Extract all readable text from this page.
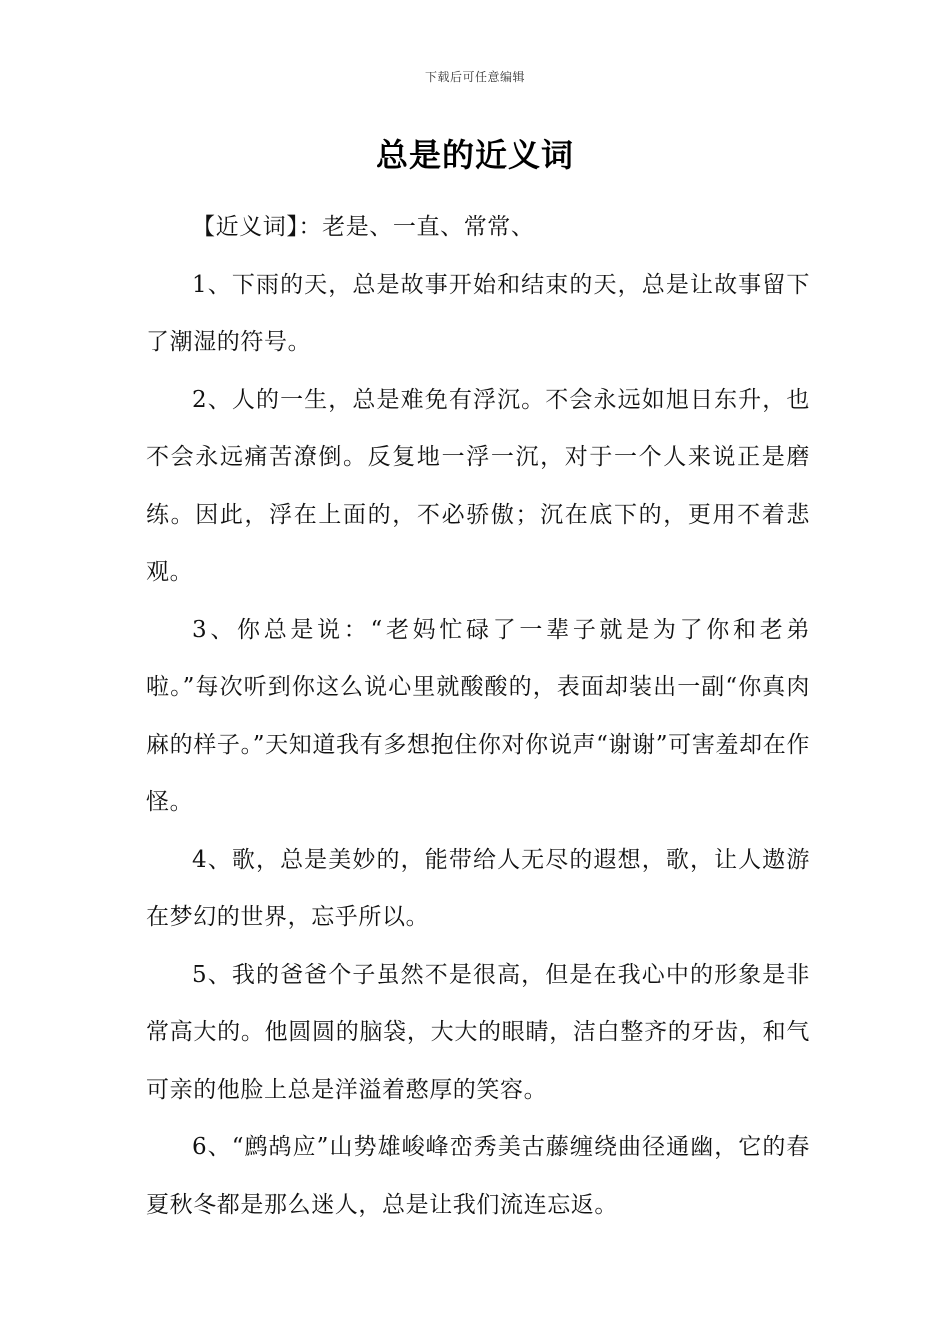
下载后可任意编辑
总是的近义词

【近义词】：老是、一直、常常、

1、下雨的天，总是故事开始和结束的天，总是让故事留下了潮湿的符号。

2、人的一生，总是难免有浮沉。不会永远如旭日东升，也不会永远痛苦潦倒。反复地一浮一沉，对于一个人来说正是磨练。因此，浮在上面的，不必骄傲；沉在底下的，更用不着悲观。

3、你总是说：“老妈忙碌了一辈子就是为了你和老弟啦。”每次听到你这么说心里就酸酸的，表面却装出一副“你真肉麻的样子。”天知道我有多想抱住你对你说声“谢谢”可害羞却在作怪。

4、歌，总是美妙的，能带给人无尽的遐想，歌，让人遨游在梦幻的世界，忘乎所以。

5、我的爸爸个子虽然不是很高，但是在我心中的形象是非常高大的。他圆圆的脑袋，大大的眼睛，洁白整齐的牙齿，和气可亲的他脸上总是洋溢着憨厚的笑容。

6、“鹧鸪应”山势雄峻峰峦秀美古藤缠绕曲径通幽，它的春夏秋冬都是那么迷人，总是让我们流连忘返。
